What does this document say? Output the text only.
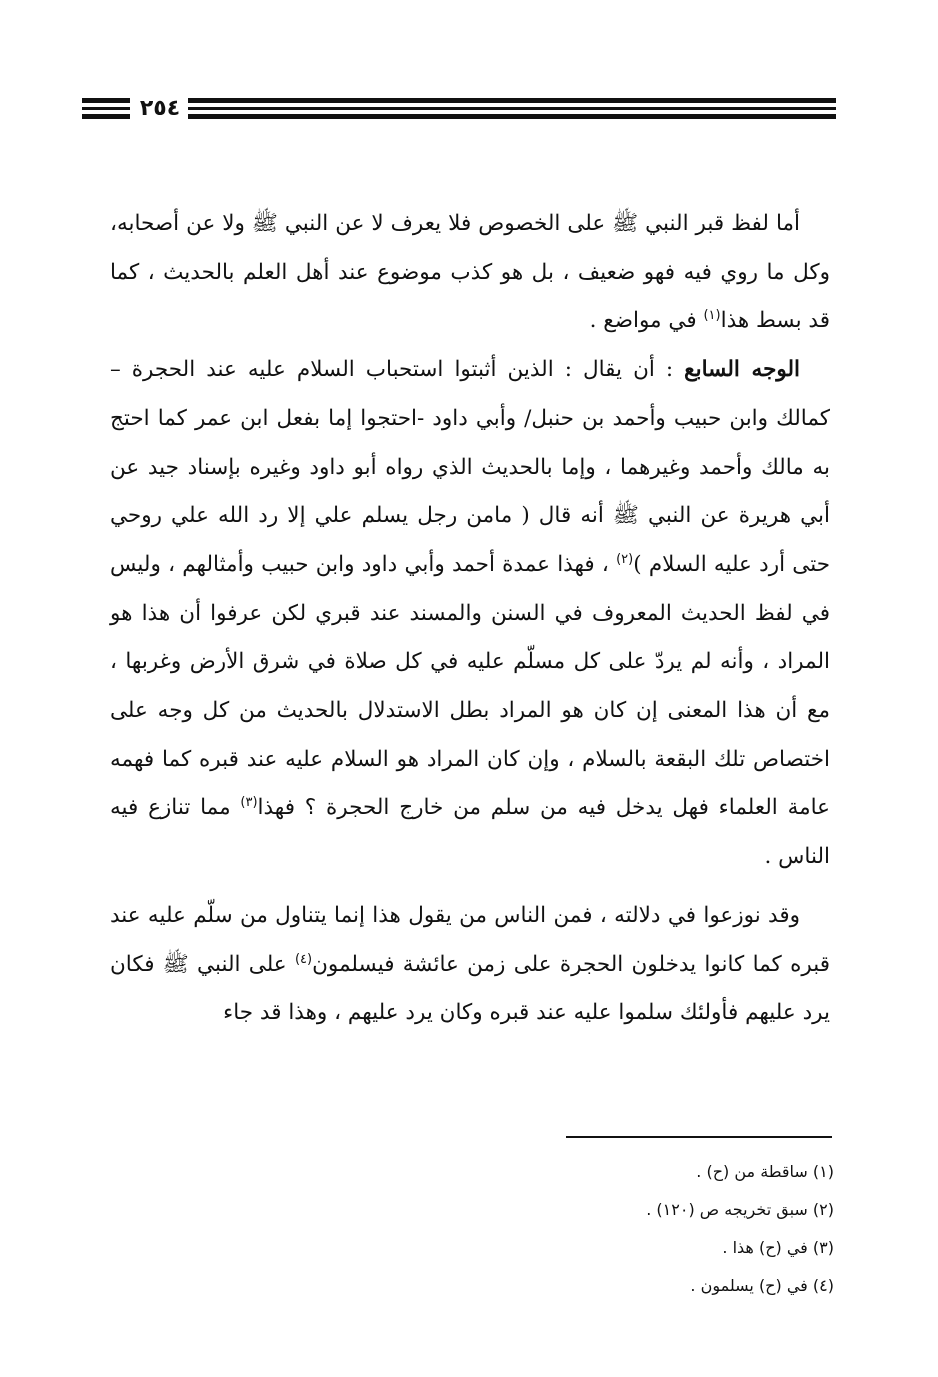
٢٥٤

أما لفظ قبر النبي ﷺ على الخصوص فلا يعرف لا عن النبي ﷺ ولا عن أصحابه، وكل ما روي فيه فهو ضعيف ، بل هو كذب موضوع عند أهل العلم بالحديث ، كما قد بسط هذا$^{(١)}$ في مواضع .

الوجه السابع : أن يقال : الذين أثبتوا استحباب السلام عليه عند الحجرة – كمالك وابن حبيب وأحمد بن حنبل/ وأبي داود -احتجوا إما بفعل ابن عمر كما احتج به مالك وأحمد وغيرهما ، وإما بالحديث الذي رواه أبو داود وغيره بإسناد جيد عن أبي هريرة عن النبي ﷺ أنه قال ( مامن رجل يسلم علي إلا رد الله علي روحي حتى أرد عليه السلام )$^{(٢)}$ ، فهذا عمدة أحمد وأبي داود وابن حبيب وأمثالهم ، وليس في لفظ الحديث المعروف في السنن والمسند عند قبري لكن عرفوا أن هذا هو المراد ، وأنه لم يردّ على كل مسلّم عليه في كل صلاة في شرق الأرض وغربها ، مع أن هذا المعنى إن كان هو المراد بطل الاستدلال بالحديث من كل وجه على اختصاص تلك البقعة بالسلام ، وإن كان المراد هو السلام عليه عند قبره كما فهمه عامة العلماء فهل يدخل فيه من سلم من خارج الحجرة ؟ فهذا$^{(٣)}$ مما تنازع فيه الناس .

وقد نوزعوا في دلالته ، فمن الناس من يقول هذا إنما يتناول من سلّم عليه عند قبره كما كانوا يدخلون الحجرة على زمن عائشة فيسلمون$^{(٤)}$ على النبي ﷺ فكان يرد عليهم فأولئك سلموا عليه عند قبره وكان يرد عليهم ، وهذا قد جاء

(١) ساقطة من (ح) .
(٢) سبق تخريجه ص (١٢٠) .
(٣) في (ح) هذا .
(٤) في (ح) يسلمون .
